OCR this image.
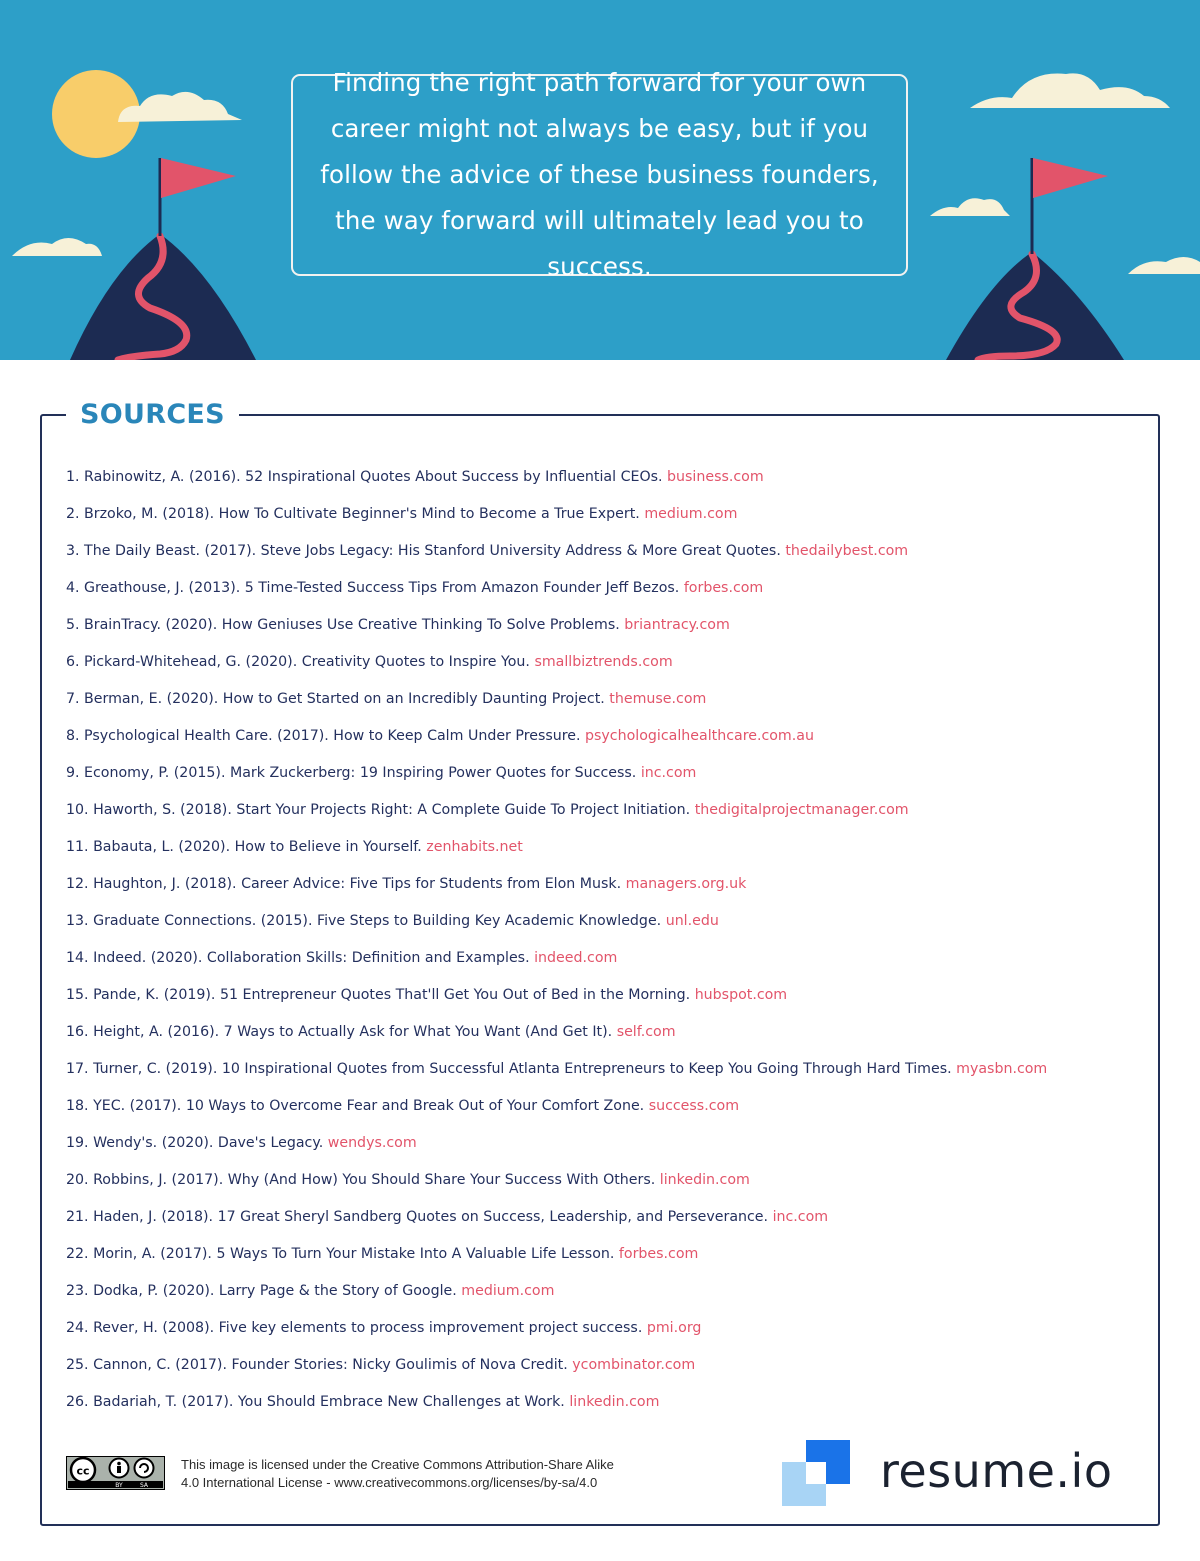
Finding the right path forward for your own career might not always be easy, but if you follow the advice of these business founders, the way forward will ultimately lead you to success.
SOURCES
1. Rabinowitz, A. (2016). 52 Inspirational Quotes About Success by Influential CEOs. business.com
2. Brzoko, M. (2018). How To Cultivate Beginner's Mind to Become a True Expert. medium.com
3. The Daily Beast. (2017). Steve Jobs Legacy: His Stanford University Address & More Great Quotes. thedailybest.com
4. Greathouse, J. (2013). 5 Time-Tested Success Tips From Amazon Founder Jeff Bezos. forbes.com
5. BrainTracy. (2020). How Geniuses Use Creative Thinking To Solve Problems. briantracy.com
6. Pickard-Whitehead, G. (2020). Creativity Quotes to Inspire You. smallbiztrends.com
7. Berman, E. (2020). How to Get Started on an Incredibly Daunting Project. themuse.com
8. Psychological Health Care. (2017). How to Keep Calm Under Pressure. psychologicalhealthcare.com.au
9. Economy, P. (2015). Mark Zuckerberg: 19 Inspiring Power Quotes for Success. inc.com
10. Haworth, S. (2018). Start Your Projects Right: A Complete Guide To Project Initiation. thedigitalprojectmanager.com
11. Babauta, L. (2020). How to Believe in Yourself. zenhabits.net
12. Haughton, J. (2018). Career Advice: Five Tips for Students from Elon Musk. managers.org.uk
13. Graduate Connections. (2015). Five Steps to Building Key Academic Knowledge. unl.edu
14. Indeed. (2020). Collaboration Skills: Definition and Examples. indeed.com
15. Pande, K. (2019). 51 Entrepreneur Quotes That'll Get You Out of Bed in the Morning. hubspot.com
16. Height, A. (2016). 7 Ways to Actually Ask for What You Want (And Get It). self.com
17. Turner, C. (2019). 10 Inspirational Quotes from Successful Atlanta Entrepreneurs to Keep You Going Through Hard Times. myasbn.com
18. YEC. (2017). 10 Ways to Overcome Fear and Break Out of Your Comfort Zone. success.com
19. Wendy's. (2020). Dave's Legacy. wendys.com
20. Robbins, J. (2017). Why (And How) You Should Share Your Success With Others. linkedin.com
21. Haden, J. (2018). 17 Great Sheryl Sandberg Quotes on Success, Leadership, and Perseverance. inc.com
22. Morin, A. (2017). 5 Ways To Turn Your Mistake Into A Valuable Life Lesson. forbes.com
23. Dodka, P. (2020). Larry Page & the Story of Google. medium.com
24. Rever, H. (2008). Five key elements to process improvement project success. pmi.org
25. Cannon, C. (2017). Founder Stories: Nicky Goulimis of Nova Credit. ycombinator.com
26. Badariah, T. (2017). You Should Embrace New Challenges at Work. linkedin.com
cc
BY	SA
This image is licensed under the Creative Commons Attribution-Share Alike
4.0 International License - www.creativecommons.org/licenses/by-sa/4.0	resume.io
